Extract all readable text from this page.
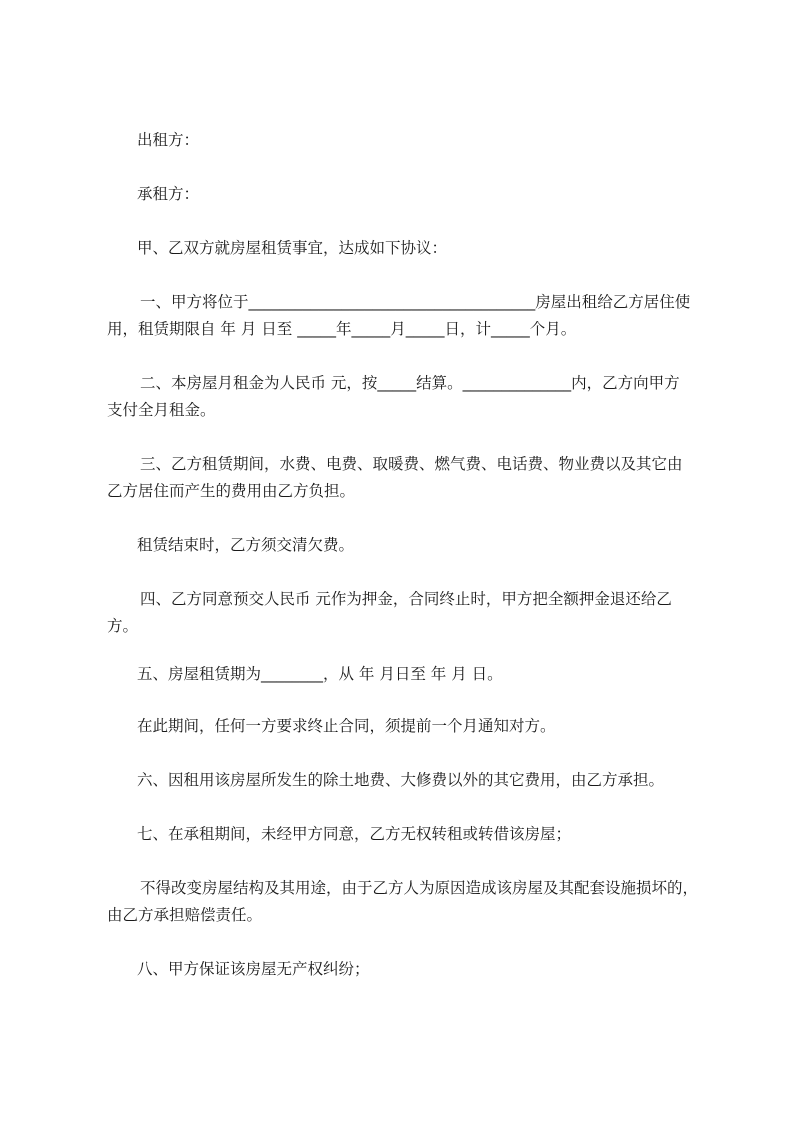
出租方：

承租方：

甲、乙双方就房屋租赁事宜，达成如下协议：

一、甲方将位于_____________________________________房屋出租给乙方居住使

用，租赁期限自 年 月 日至 _____年_____月_____日，计_____个月。

二、本房屋月租金为人民币 元，按_____结算。______________内，乙方向甲方

支付全月租金。

三、乙方租赁期间，水费、电费、取暖费、燃气费、电话费、物业费以及其它由

乙方居住而产生的费用由乙方负担。

租赁结束时，乙方须交清欠费。

四、乙方同意预交人民币 元作为押金，合同终止时，甲方把全额押金退还给乙

方。

五、房屋租赁期为________，从 年 月日至 年 月 日。

在此期间，任何一方要求终止合同，须提前一个月通知对方。

六、因租用该房屋所发生的除土地费、大修费以外的其它费用，由乙方承担。

七、在承租期间，未经甲方同意，乙方无权转租或转借该房屋；

不得改变房屋结构及其用途，由于乙方人为原因造成该房屋及其配套设施损坏的，

由乙方承担赔偿责任。

八、甲方保证该房屋无产权纠纷；
